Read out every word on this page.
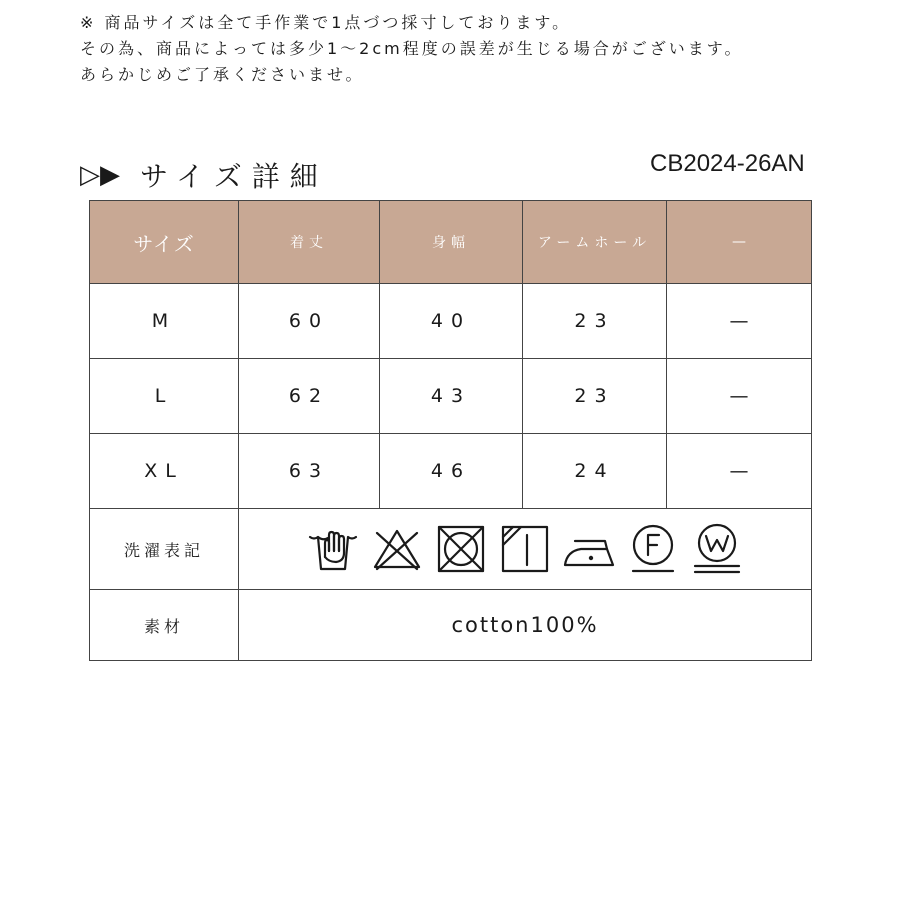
※ 商品サイズは全て手作業で1点づつ採寸しております。
その為、商品によっては多少1〜2cm程度の誤差が生じる場合がございます。
あらかじめご了承くださいませ。
▷▶ サイズ詳細	CB2024-26AN
サイズ	着丈	身幅	アームホール	—
M	60	40	23	—
L	62	43	23	—
XL	63	46	24	—
洗濯表記	

素材	cotton100%			
